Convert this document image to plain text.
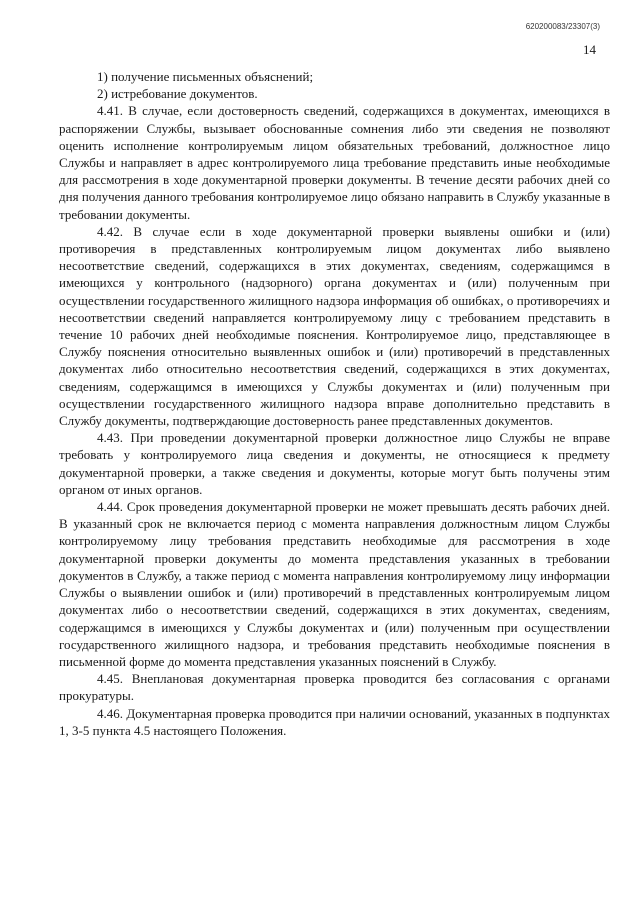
620200083/23307(3)
14

1) получение письменных объяснений;

2) истребование документов.

4.41. В случае, если достоверность сведений, содержащихся в документах, имеющихся в распоряжении Службы, вызывает обоснованные сомнения либо эти сведения не позволяют оценить исполнение контролируемым лицом обязательных требований, должностное лицо Службы и направляет в адрес контролируемого лица требование представить иные необходимые для рассмотрения в ходе документарной проверки документы. В течение десяти рабочих дней со дня получения данного требования контролируемое лицо обязано направить в Службу указанные в требовании документы.

4.42. В случае если в ходе документарной проверки выявлены ошибки и (или) противоречия в представленных контролируемым лицом документах либо выявлено несоответствие сведений, содержащихся в этих документах, сведениям, содержащимся в имеющихся у контрольного (надзорного) органа документах и (или) полученным при осуществлении государственного жилищного надзора информация об ошибках, о противоречиях и несоответствии сведений направляется контролируемому лицу с требованием представить в течение 10 рабочих дней необходимые пояснения. Контролируемое лицо, представляющее в Службу пояснения относительно выявленных ошибок и (или) противоречий в представленных документах либо относительно несоответствия сведений, содержащихся в этих документах, сведениям, содержащимся в имеющихся у Службы документах и (или) полученным при осуществлении государственного жилищного надзора вправе дополнительно представить в Службу документы, подтверждающие достоверность ранее представленных документов.

4.43. При проведении документарной проверки должностное лицо Службы не вправе требовать у контролируемого лица сведения и документы, не относящиеся к предмету документарной проверки, а также сведения и документы, которые могут быть получены этим органом от иных органов.

4.44. Срок проведения документарной проверки не может превышать десять рабочих дней. В указанный срок не включается период с момента направления должностным лицом Службы контролируемому лицу требования представить необходимые для рассмотрения в ходе документарной проверки документы до момента представления указанных в требовании документов в Службу, а также период с момента направления контролируемому лицу информации Службы о выявлении ошибок и (или) противоречий в представленных контролируемым лицом документах либо о несоответствии сведений, содержащихся в этих документах, сведениям, содержащимся в имеющихся у Службы документах и (или) полученным при осуществлении государственного жилищного надзора, и требования представить необходимые пояснения в письменной форме до момента представления указанных пояснений в Службу.

4.45. Внеплановая документарная проверка проводится без согласования с органами прокуратуры.

4.46. Документарная проверка проводится при наличии оснований, указанных в подпунктах 1, 3-5 пункта 4.5 настоящего Положения.
